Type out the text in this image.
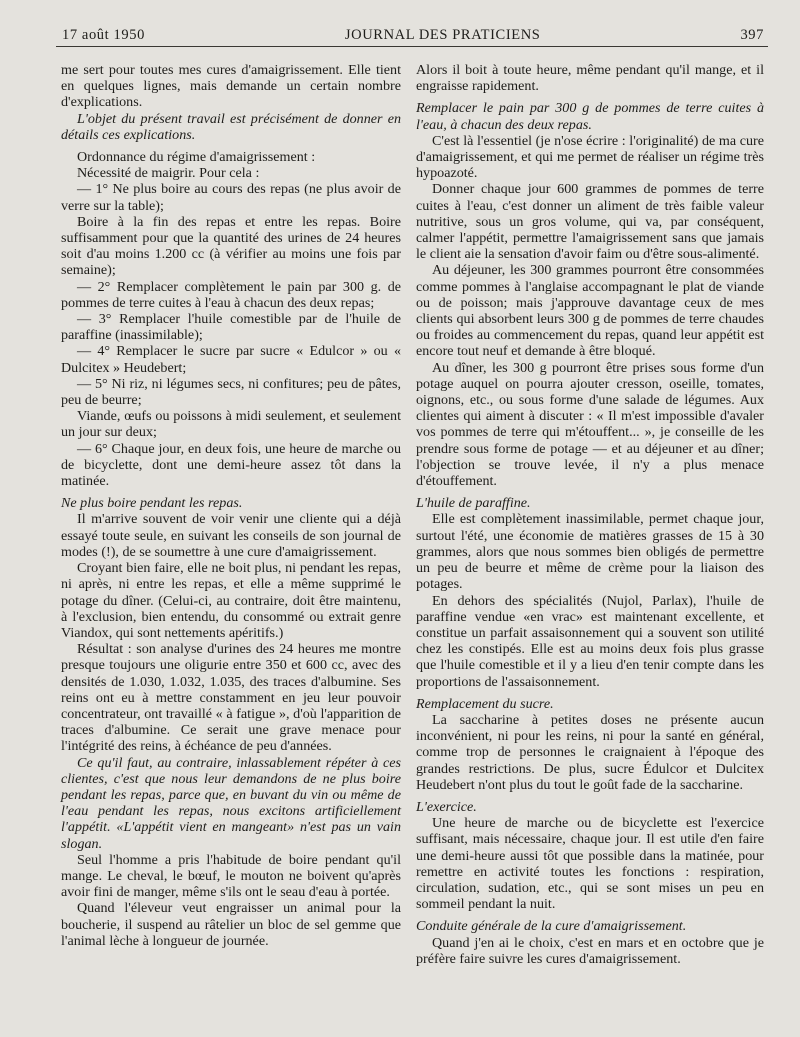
17 août 1950	JOURNAL DES PRATICIENS	397

me sert pour toutes mes cures d'amaigrissement. Elle tient en quelques lignes, mais demande un certain nombre d'explications.

L'objet du présent travail est précisément de donner en détails ces explications.

Ordonnance du régime d'amaigrissement :

Nécessité de maigrir. Pour cela :

— 1° Ne plus boire au cours des repas (ne plus avoir de verre sur la table);

Boire à la fin des repas et entre les repas. Boire suffisamment pour que la quantité des urines de 24 heures soit d'au moins 1.200 cc (à vérifier au moins une fois par semaine);

— 2° Remplacer complètement le pain par 300 g. de pommes de terre cuites à l'eau à chacun des deux repas;

— 3° Remplacer l'huile comestible par de l'huile de paraffine (inassimilable);

— 4° Remplacer le sucre par sucre « Edulcor » ou « Dulcitex » Heudebert;

— 5° Ni riz, ni légumes secs, ni confitures; peu de pâtes, peu de beurre;

Viande, œufs ou poissons à midi seulement, et seulement un jour sur deux;

— 6° Chaque jour, en deux fois, une heure de marche ou de bicyclette, dont une demi-heure assez tôt dans la matinée.

Ne plus boire pendant les repas.

Il m'arrive souvent de voir venir une cliente qui a déjà essayé toute seule, en suivant les conseils de son journal de modes (!), de se soumettre à une cure d'amaigrissement.

Croyant bien faire, elle ne boit plus, ni pendant les repas, ni après, ni entre les repas, et elle a même supprimé le potage du dîner. (Celui-ci, au contraire, doit être maintenu, à l'exclusion, bien entendu, du consommé ou extrait genre Viandox, qui sont nettements apéritifs.)

Résultat : son analyse d'urines des 24 heures me montre presque toujours une oligurie entre 350 et 600 cc, avec des densités de 1.030, 1.032, 1.035, des traces d'albumine. Ses reins ont eu à mettre constamment en jeu leur pouvoir concentrateur, ont travaillé « à fatigue », d'où l'apparition de traces d'albumine. Ce serait une grave menace pour l'intégrité des reins, à échéance de peu d'années.

Ce qu'il faut, au contraire, inlassablement répéter à ces clientes, c'est que nous leur demandons de ne plus boire pendant les repas, parce que, en buvant du vin ou même de l'eau pendant les repas, nous excitons artificiellement l'appétit. «L'appétit vient en mangeant» n'est pas un vain slogan.

Seul l'homme a pris l'habitude de boire pendant qu'il mange. Le cheval, le bœuf, le mouton ne boivent qu'après avoir fini de manger, même s'ils ont le seau d'eau à portée.

Quand l'éleveur veut engraisser un animal pour la boucherie, il suspend au râtelier un bloc de sel gemme que l'animal lèche à longueur de journée.

Alors il boit à toute heure, même pendant qu'il mange, et il engraisse rapidement.

Remplacer le pain par 300 g de pommes de terre cuites à l'eau, à chacun des deux repas.

C'est là l'essentiel (je n'ose écrire : l'originalité) de ma cure d'amaigrissement, et qui me permet de réaliser un régime très hypoazoté.

Donner chaque jour 600 grammes de pommes de terre cuites à l'eau, c'est donner un aliment de très faible valeur nutritive, sous un gros volume, qui va, par conséquent, calmer l'appétit, permettre l'amaigrissement sans que jamais le client aie la sensation d'avoir faim ou d'être sous-alimenté.

Au déjeuner, les 300 grammes pourront être consommées comme pommes à l'anglaise accompagnant le plat de viande ou de poisson; mais j'approuve davantage ceux de mes clients qui absorbent leurs 300 g de pommes de terre chaudes ou froides au commencement du repas, quand leur appétit est encore tout neuf et demande à être bloqué.

Au dîner, les 300 g pourront être prises sous forme d'un potage auquel on pourra ajouter cresson, oseille, tomates, oignons, etc., ou sous forme d'une salade de légumes. Aux clientes qui aiment à discuter : « Il m'est impossible d'avaler vos pommes de terre qui m'étouffent... », je conseille de les prendre sous forme de potage — et au déjeuner et au dîner; l'objection se trouve levée, il n'y a plus menace d'étouffement.

L'huile de paraffine.

Elle est complètement inassimilable, permet chaque jour, surtout l'été, une économie de matières grasses de 15 à 30 grammes, alors que nous sommes bien obligés de permettre un peu de beurre et même de crème pour la liaison des potages.

En dehors des spécialités (Nujol, Parlax), l'huile de paraffine vendue «en vrac» est maintenant excellente, et constitue un parfait assaisonnement qui a souvent son utilité chez les constipés. Elle est au moins deux fois plus grasse que l'huile comestible et il y a lieu d'en tenir compte dans les proportions de l'assaisonnement.

Remplacement du sucre.

La saccharine à petites doses ne présente aucun inconvénient, ni pour les reins, ni pour la santé en général, comme trop de personnes le craignaient à l'époque des grandes restrictions. De plus, sucre Édulcor et Dulcitex Heudebert n'ont plus du tout le goût fade de la saccharine.

L'exercice.

Une heure de marche ou de bicyclette est l'exercice suffisant, mais nécessaire, chaque jour. Il est utile d'en faire une demi-heure aussi tôt que possible dans la matinée, pour remettre en activité toutes les fonctions : respiration, circulation, sudation, etc., qui se sont mises un peu en sommeil pendant la nuit.

Conduite générale de la cure d'amaigrissement.

Quand j'en ai le choix, c'est en mars et en octobre que je préfère faire suivre les cures d'amaigrissement.
